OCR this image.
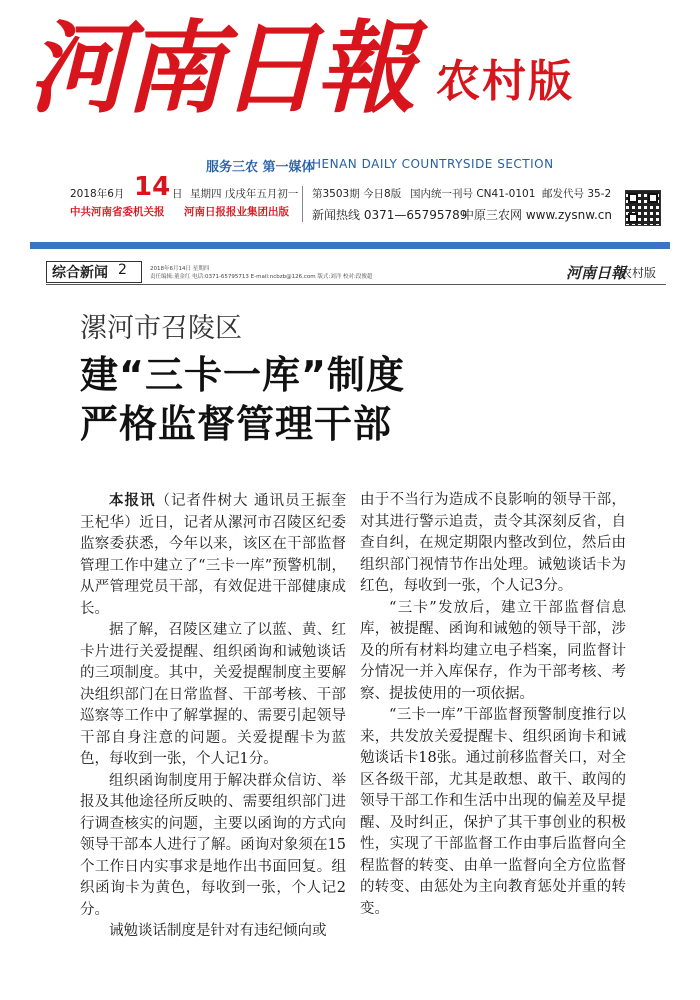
河南日報 农村版
服务三农 第一媒体
HENAN DAILY COUNTRYSIDE SECTION
2018年6月 14 日 星期四 戊戌年五月初一
中共河南省委机关报 河南日报报业集团出版
第3503期 今日8版 国内统一刊号 CN41-0101 邮发代号 35-2
新闻热线 0371—65795789
中原三农网 www.zysnw.cn
综合新闻 2	2018年6月14日 星期四
责任编辑:董金红 电话:0371-65795713 E-mail:ncbzb@126.com 版式:刘洋 校对:段俊超	河南日報
农村版
漯河市召陵区
建“三卡一库”制度
严格监督管理干部

本报讯（记者件树大 通讯员王振奎 王杞华）近日，记者从漯河市召陵区纪委监察委获悉，今年以来，该区在干部监督管理工作中建立了“三卡一库”预警机制，从严管理党员干部，有效促进干部健康成长。

据了解，召陵区建立了以蓝、黄、红卡片进行关爱提醒、组织函询和诫勉谈话的三项制度。其中，关爱提醒制度主要解决组织部门在日常监督、干部考核、干部巡察等工作中了解掌握的、需要引起领导干部自身注意的问题。关爱提醒卡为蓝色，每收到一张，个人记1分。

组织函询制度用于解决群众信访、举报及其他途径所反映的、需要组织部门进行调查核实的问题，主要以函询的方式向领导干部本人进行了解。函询对象须在15个工作日内实事求是地作出书面回复。组织函询卡为黄色，每收到一张，个人记2分。

诫勉谈话制度是针对有违纪倾向或

由于不当行为造成不良影响的领导干部，对其进行警示追责，责令其深刻反省，自查自纠，在规定期限内整改到位，然后由组织部门视情节作出处理。诫勉谈话卡为红色，每收到一张，个人记3分。

“三卡”发放后，建立干部监督信息库，被提醒、函询和诫勉的领导干部，涉及的所有材料均建立电子档案，同监督计分情况一并入库保存，作为干部考核、考察、提拔使用的一项依据。

“三卡一库”干部监督预警制度推行以来，共发放关爱提醒卡、组织函询卡和诫勉谈话卡18张。通过前移监督关口，对全区各级干部，尤其是敢想、敢干、敢闯的领导干部工作和生活中出现的偏差及早提醒、及时纠正，保护了其干事创业的积极性，实现了干部监督工作由事后监督向全程监督的转变、由单一监督向全方位监督的转变、由惩处为主向教育惩处并重的转变。
